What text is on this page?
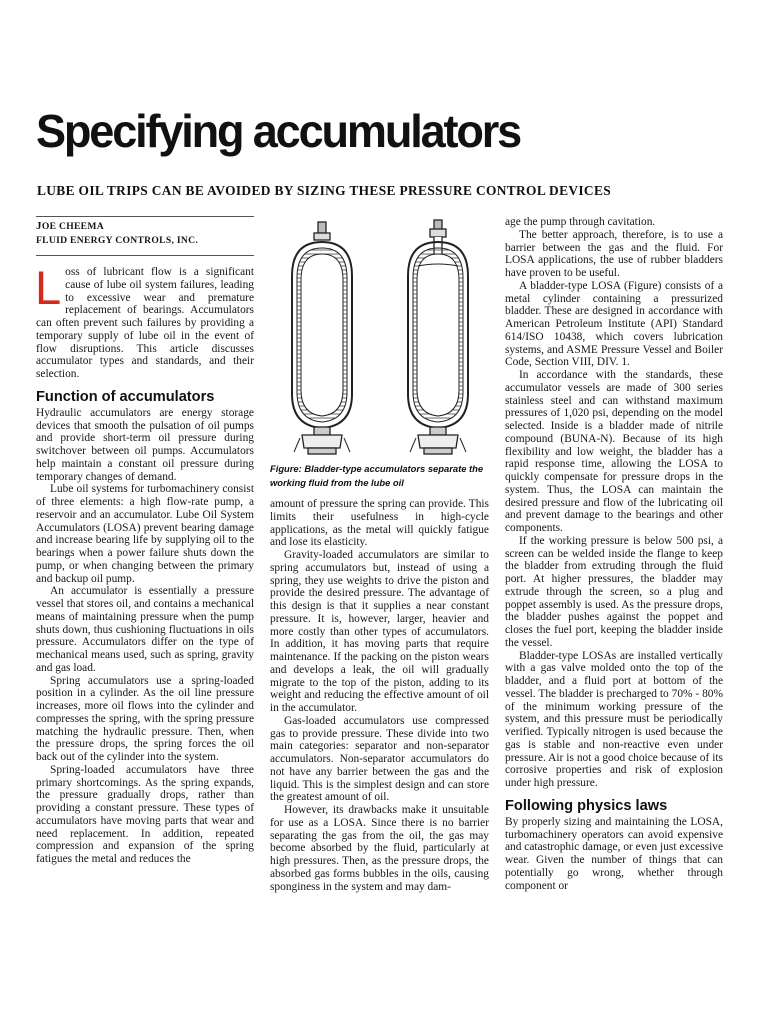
Specifying accumulators
LUBE OIL TRIPS CAN BE AVOIDED BY SIZING THESE PRESSURE CONTROL DEVICES
JOE CHEEMA
FLUID ENERGY CONTROLS, INC.

Loss of lubricant flow is a significant cause of lube oil system failures, leading to excessive wear and premature replacement of bearings. Accumulators can often prevent such failures by providing a temporary supply of lube oil in the event of flow disruptions. This article discusses accumulator types and standards, and their selection.

Function of accumulators

Hydraulic accumulators are energy storage devices that smooth the pulsation of oil pumps and provide short-term oil pressure during switchover between oil pumps. Accumulators help maintain a constant oil pressure during temporary changes of demand.

Lube oil systems for turbomachinery consist of three elements: a high flow-rate pump, a reservoir and an accumulator. Lube Oil System Accumulators (LOSA) prevent bearing damage and increase bearing life by supplying oil to the bearings when a power failure shuts down the pump, or when changing between the primary and backup oil pump.

An accumulator is essentially a pressure vessel that stores oil, and contains a mechanical means of maintaining pressure when the pump shuts down, thus cushioning fluctuations in oils pressure. Accumulators differ on the type of mechanical means used, such as spring, gravity and gas load.

Spring accumulators use a spring-loaded position in a cylinder. As the oil line pressure increases, more oil flows into the cylinder and compresses the spring, with the spring pressure matching the hydraulic pressure. Then, when the pressure drops, the spring forces the oil back out of the cylinder into the system.

Spring-loaded accumulators have three primary shortcomings. As the spring expands, the pressure gradually drops, rather than providing a constant pressure. These types of accumulators have moving parts that wear and need replacement. In addition, repeated compression and expansion of the spring fatigues the metal and reduces the

Figure: Bladder-type accumulators separate the working fluid from the lube oil

amount of pressure the spring can provide. This limits their usefulness in high-cycle applications, as the metal will quickly fatigue and lose its elasticity.

Gravity-loaded accumulators are similar to spring accumulators but, instead of using a spring, they use weights to drive the piston and provide the desired pressure. The advantage of this design is that it supplies a near constant pressure. It is, however, larger, heavier and more costly than other types of accumulators. In addition, it has moving parts that require maintenance. If the packing on the piston wears and develops a leak, the oil will gradually migrate to the top of the piston, adding to its weight and reducing the effective amount of oil in the accumulator.

Gas-loaded accumulators use compressed gas to provide pressure. These divide into two main categories: separator and non-separator accumulators. Non-separator accumulators do not have any barrier between the gas and the liquid. This is the simplest design and can store the greatest amount of oil.

However, its drawbacks make it unsuitable for use as a LOSA. Since there is no barrier separating the gas from the oil, the gas may become absorbed by the fluid, particularly at high pressures. Then, as the pressure drops, the absorbed gas forms bubbles in the oils, causing sponginess in the system and may dam-

age the pump through cavitation.

The better approach, therefore, is to use a barrier between the gas and the fluid. For LOSA applications, the use of rubber bladders have proven to be useful.

A bladder-type LOSA (Figure) consists of a metal cylinder containing a pressurized bladder. These are designed in accordance with American Petroleum Institute (API) Standard 614/ISO 10438, which covers lubrication systems, and ASME Pressure Vessel and Boiler Code, Section VIII, DIV. 1.

In accordance with the standards, these accumulator vessels are made of 300 series stainless steel and can withstand maximum pressures of 1,020 psi, depending on the model selected. Inside is a bladder made of nitrile compound (BUNA-N). Because of its high flexibility and low weight, the bladder has a rapid response time, allowing the LOSA to quickly compensate for pressure drops in the system. Thus, the LOSA can maintain the desired pressure and flow of the lubricating oil and prevent damage to the bearings and other components.

If the working pressure is below 500 psi, a screen can be welded inside the flange to keep the bladder from extruding through the fluid port. At higher pressures, the bladder may extrude through the screen, so a plug and poppet assembly is used. As the pressure drops, the bladder pushes against the poppet and closes the fuel port, keeping the bladder inside the vessel.

Bladder-type LOSAs are installed vertically with a gas valve molded onto the top of the bladder, and a fluid port at bottom of the vessel. The bladder is precharged to 70% - 80% of the minimum working pressure of the system, and this pressure must be periodically verified. Typically nitrogen is used because the gas is stable and non-reactive even under pressure. Air is not a good choice because of its corrosive properties and risk of explosion under high pressure.

Following physics laws

By properly sizing and maintaining the LOSA, turbomachinery operators can avoid expensive and catastrophic damage, or even just excessive wear. Given the number of things that can potentially go wrong, whether through component or
